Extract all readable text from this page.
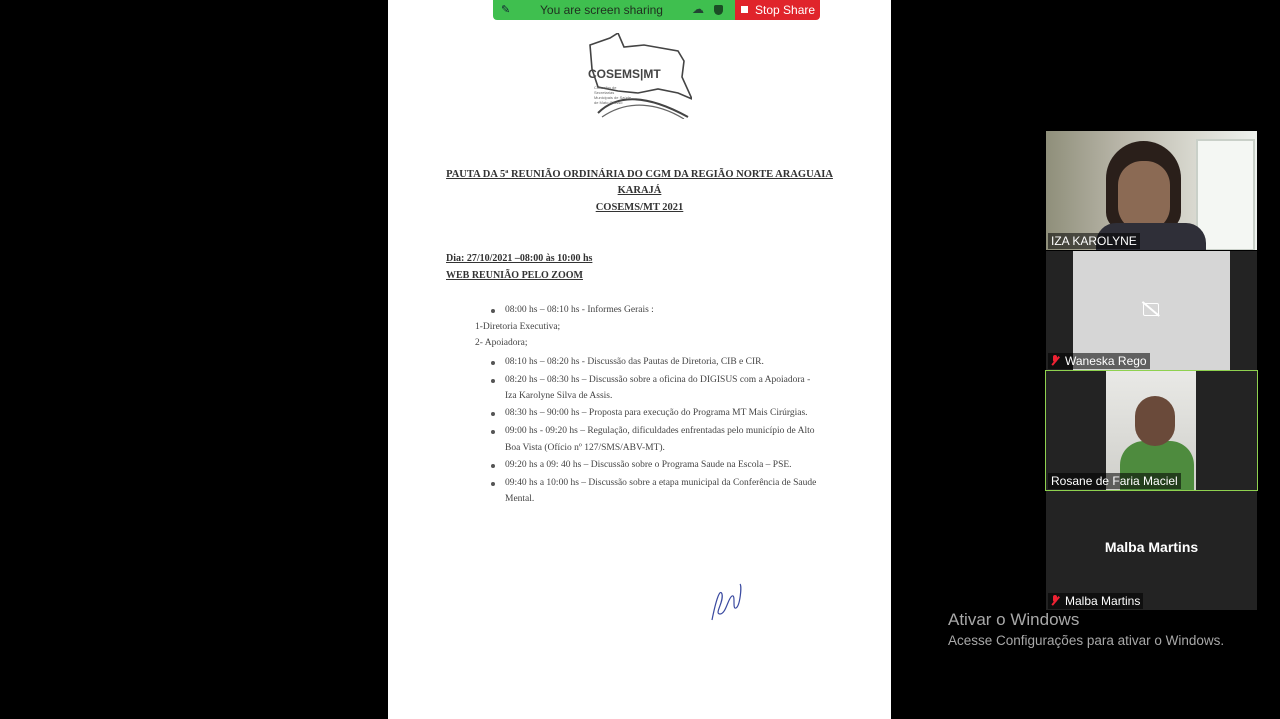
COSEMS|MT
Conselho de Secretarias Municipais de Saúde de Mato Grosso
PAUTA DA 5ª REUNIÃO ORDINÁRIA DO CGM DA REGIÃO NORTE ARAGUAIA
KARAJÁ
COSEMS/MT 2021
Dia: 27/10/2021 –08:00 às 10:00 hs
WEB REUNIÃO PELO ZOOM
08:00 hs – 08:10 hs - Informes Gerais :
1-Diretoria Executiva;
2- Apoiadora;
08:10 hs – 08:20 hs - Discussão das Pautas de Diretoria, CIB e CIR.
08:20 hs – 08:30 hs – Discussão sobre a oficina do DIGISUS com a Apoiadora -
Iza Karolyne Silva de Assis.
08:30 hs – 90:00 hs – Proposta para execução do Programa MT Mais Cirúrgias.
09:00 hs - 09:20 hs – Regulação, dificuldades enfrentadas pelo município de Alto
Boa Vista (Ofício nº 127/SMS/ABV-MT).
09:20 hs a 09: 40 hs – Discussão sobre o Programa Saude na Escola – PSE.
09:40 hs a 10:00 hs – Discussão sobre a etapa municipal da Conferência de Saude
Mental.
✎ You are screen sharing ☁	Stop Share
IZA KAROLYNE
Waneska Rego
Rosane de Faria Maciel
Malba Martins
Malba Martins
Ativar o Windows
Acesse Configurações para ativar o Windows.
